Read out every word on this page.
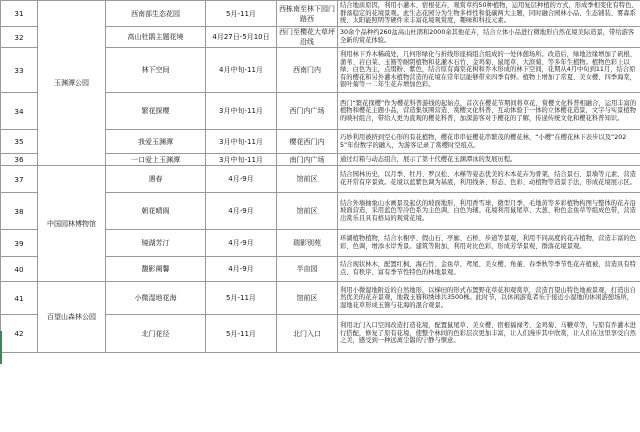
31	玉渊潭公园	西南部生态花园	5月-11月	西栋南至林下园门路西	结合地质原因，利用小灌木、宿根花卉，观赏草约50种植物，运用复层种植的方式，形成季相变化有特色、群落稳定的花境景观。此生态花园分为生物多样性和低碳两大主题，同时融合园林小品、生态铺装、雾森系统、太阳能照明等硬件来丰富花境观赏度，趣味和科技元素。
32		高山杜鹃主题花境	4月27日-5月10日	西门至樱花大草坪沿线	30余个品种约260盆高山杜鹃和2000余其他花卉，结合立体小品进行微地形自然花境美际造景，带给游客全新的赏花体验。
33		林下空间	4月中旬-11月	西南门内	利用林下乔木稀疏处，几何形绿化与折线形座椅组合组成的一处休憩场所。改造后，绿地边缘增加了矾根、蒲苇、岩白菜、玉簪等耐阴植物和花灌木石竹、金鸡菊、鼠尾草、大滨菊、等多年生植物。植物色彩上以绿、白色为主，点缀粉、紫色，结合原有海棠花树和乔木形成的林下空间，花期从4月中旬到11月，结合原有的樱花和另外灌木植物营造的花境在常年层能够带来四季有鲜。植物上增加了常夏、美女樱、四季海棠，银叶菊等一二年生花卉增加色彩。
34		繁花探樱	3月中旬-11月	西门内广场	西门“繁花探樱”作为樱花科普游线的起始点，首次在樱花节期间将草花、赏樱文化科普相融合，运用丰富的植物和樱花主题小品，营造集氛围营造、赏樱文化科普、互动体验于一体的立体樱花造景，文字与实景植物的映衬组合，带给人更为直观的樱花科普，加深游客对于樱花的了解，传递传统文化和樱花科普知识。
35		我爱玉渊潭	3月中旬-11月	樱花西门内	巧妙利用被挤到空心形的有花植物，樱花串串征樱花串繁茂的樱花林，“小樱”在樱花林下表步以及“2025”年份数字的融入，为游客记录了赏樱时空痕点。
36		一口爱上玉渊潭	3月中旬-11月	南门内广场	通过灯箱与动态组合，展示了第十代樱花玉渊潭冰的发展历程。
37	中国园林博物馆	遇春	4月-9月	馆前区	结合园林历史，以月季、牡丹、罗汉松、木槿等姿态优美的木本花卉为骨架，结合景石、景墙等元素，营造花开常有序景致。花境以蓝紫色调为基底，利用线条、形态、色彩、动植物等造景手法，形成花境展示区。
38		朝花晴阁	4月-9月	馆前区	结合外墙抽象山水画景及起伏的坡面地形，利用香雪球、微型月季、毛地黄等多彩植物构图与整体的花卉沿坡面营造，采用蓝色等冷色系为主色调，白色为辅。花境利用鼠尾草、大葱、粉色金鱼草等组成色带，营造出赏乐且具有格局的观赏花境。
39		镜湖芳汀	4月-9月	瑞影别苑	环湖植物植物，结合水榭亭、假山石、亭廊、石桥、步道等景观，利用不同高度的花卉植物，营造丰富的色彩、色调，增添水岸秀景。建筑等附加，利用对比色彩，形成芳华景观、群落花境景观。
40		馥影阑馨	4月-9月	半亩园	结合现状林木，配置红枫、海石竹、金鱼草、鸢尾、美女樱、角堇、春季秋等季节性花卉植被，营造具有特点、有秩序、富有季节性特色的林地景观。
41	百望山森林公园	小微湿地花海	5月-11月	馆前区	利用小微湿地附近的自然地形，以梯田的形式布置野花草花和观赏草，营造百望山特色地被景观，打造出自然优美的花卉景观，地栽玉簪和绣球共3500株。此时节，以休闲游览者乐于接近小湿地的休闲游憩场所，湿地花草形成玉簪与花海的混合观景。
42		北门花径	5月-11月	北门入口	利用北门入口空间改造打造花境，配置鼠尾草、美女樱、宿根福禄考、金鸡菊、马鞭草等，与原有乔灌木进行搭配，修复了原有花境，使整个林间的色彩层次更加丰富，让人们漫步其中欣赏，让人们在这里享受自然之美，感受到一种远离尘嚣的宁静与惬意。
